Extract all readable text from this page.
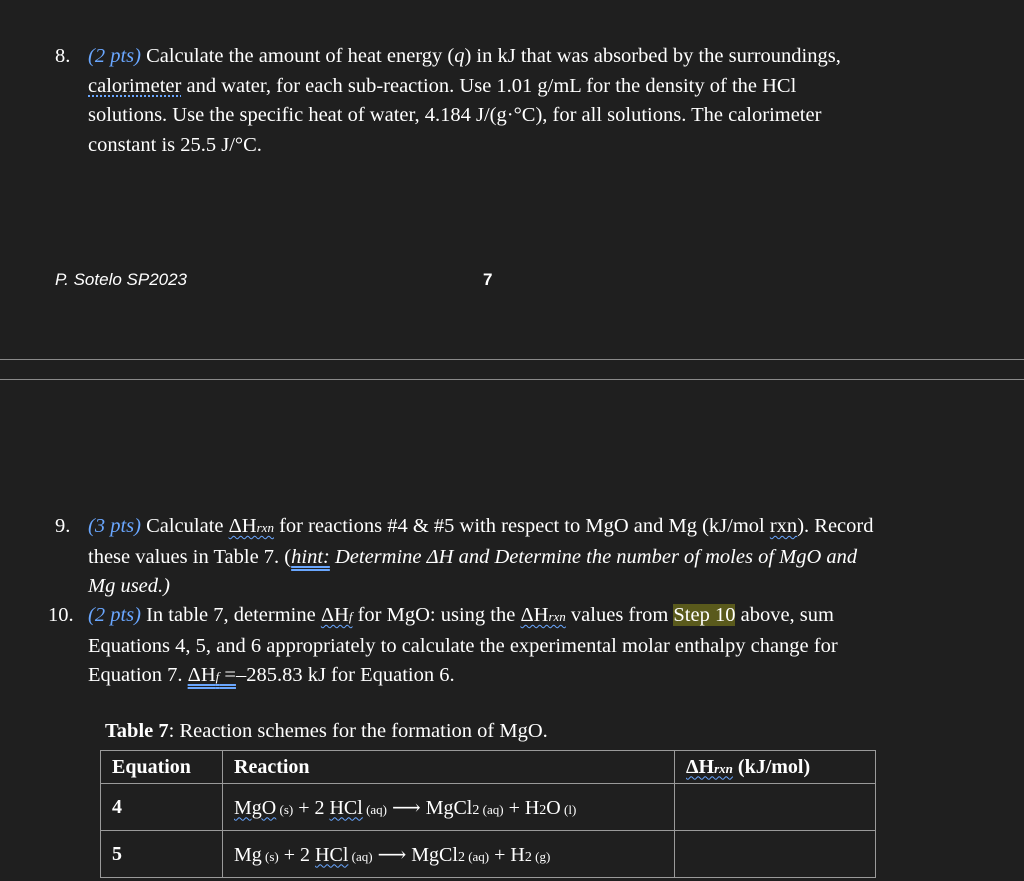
8. (2 pts) Calculate the amount of heat energy (q) in kJ that was absorbed by the surroundings,
calorimeter and water, for each sub-reaction. Use 1.01 g/mL for the density of the HCl
solutions. Use the specific heat of water, 4.184 J/(g·°C), for all solutions. The calorimeter
constant is 25.5 J/°C.
P. Sotelo SP2023	7
9. (3 pts) Calculate ΔHrxn for reactions #4 & #5 with respect to MgO and Mg (kJ/mol rxn). Record
these values in Table 7. (hint: Determine ΔH and Determine the number of moles of MgO and
Mg used.)
10. (2 pts) In table 7, determine ΔHf for MgO: using the ΔHrxn values from Step 10 above, sum
Equations 4, 5, and 6 appropriately to calculate the experimental molar enthalpy change for
Equation 7. ΔHf =–285.83 kJ for Equation 6.
Table 7: Reaction schemes for the formation of MgO.
Equation	Reaction	ΔHrxn (kJ/mol)
4	MgO (s) + 2 HCl (aq) ⟶ MgCl2 (aq) + H2O (l)	
5	Mg (s) + 2 HCl (aq) ⟶ MgCl2 (aq) + H2 (g)	
